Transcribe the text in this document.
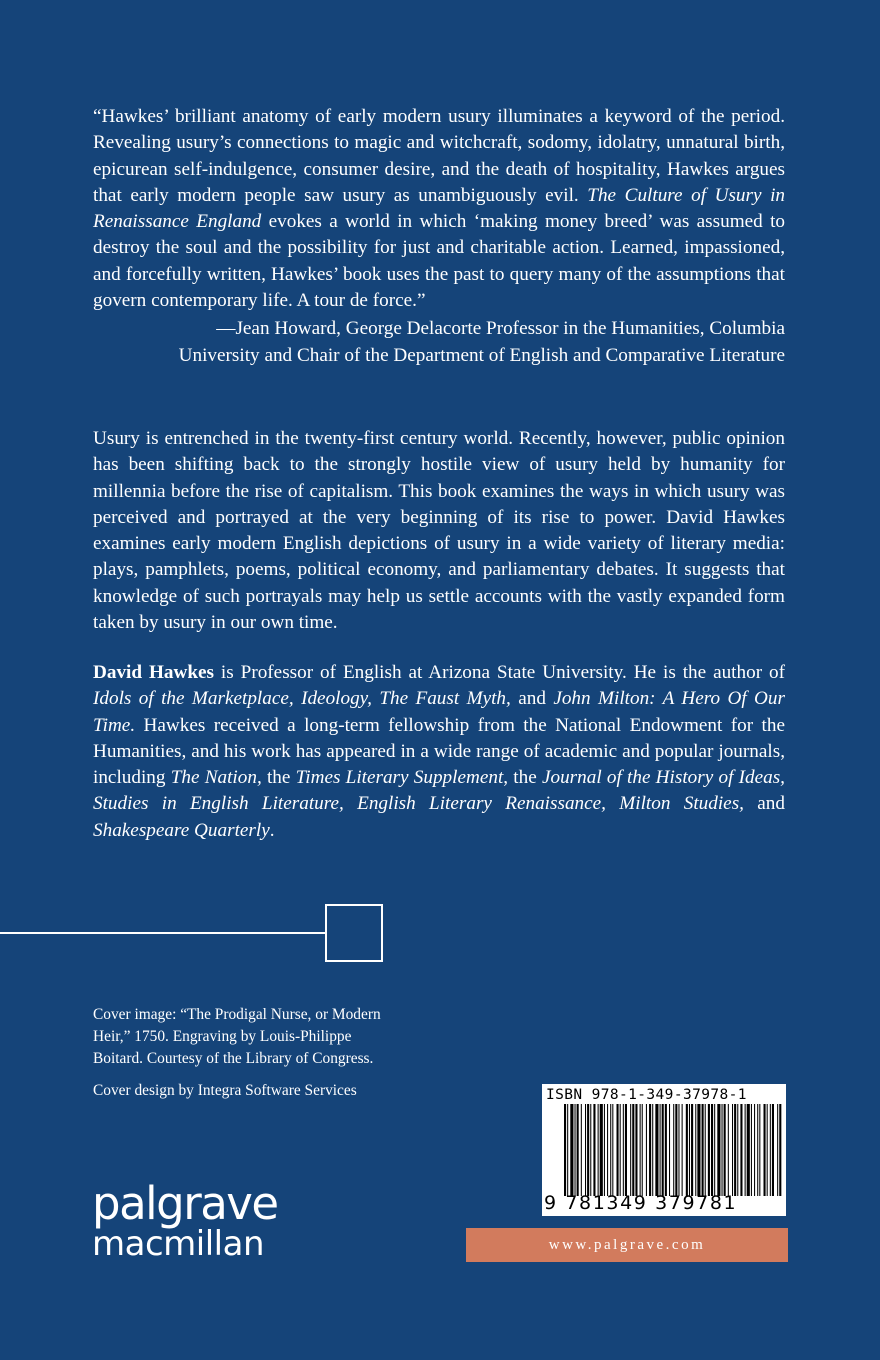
“Hawkes’ brilliant anatomy of early modern usury illuminates a keyword of the period. Revealing usury’s connections to magic and witchcraft, sodomy, idolatry, unnatural birth, epicurean self-indulgence, consumer desire, and the death of hospitality, Hawkes argues that early modern people saw usury as unambiguously evil. The Culture of Usury in Renaissance England evokes a world in which ‘making money breed’ was assumed to destroy the soul and the possibility for just and charitable action. Learned, impassioned, and forcefully written, Hawkes’ book uses the past to query many of the assumptions that govern contemporary life. A tour de force.”

—Jean Howard, George Delacorte Professor in the Humanities, Columbia
University and Chair of the Department of English and Comparative Literature

Usury is entrenched in the twenty-first century world. Recently, however, public opinion has been shifting back to the strongly hostile view of usury held by humanity for millennia before the rise of capitalism. This book examines the ways in which usury was perceived and portrayed at the very beginning of its rise to power. David Hawkes examines early modern English depictions of usury in a wide variety of literary media: plays, pamphlets, poems, political economy, and parliamentary debates. It suggests that knowledge of such portrayals may help us settle accounts with the vastly expanded form taken by usury in our own time.

David Hawkes is Professor of English at Arizona State University. He is the author of Idols of the Marketplace, Ideology, The Faust Myth, and John Milton: A Hero Of Our Time. Hawkes received a long-term fellowship from the National Endowment for the Humanities, and his work has appeared in a wide range of academic and popular journals, including The Nation, the Times Literary Supplement, the Journal of the History of Ideas, Studies in English Literature, English Literary Renaissance, Milton Studies, and Shakespeare Quarterly.

Cover image: “The Prodigal Nurse, or Modern Heir,” 1750. Engraving by Louis-Philippe Boitard. Courtesy of the Library of Congress.

Cover design by Integra Software Services

palgrave
macmillan
ISBN 978-1-349-37978-1
9 781349 379781
www.palgrave.com
